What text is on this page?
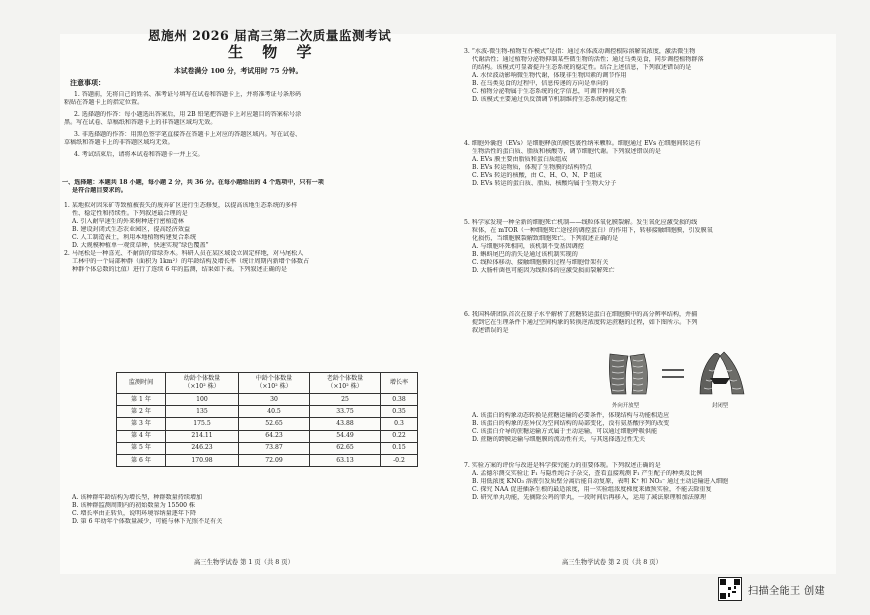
恩施州 2026 届高三第二次质量监测考试
生 物 学
本试卷满分 100 分，考试用时 75 分钟。
注意事项：

1. 答题前，先将自己的姓名、准考证号填写在试卷和答题卡上，并将准考证号条形码

粘贴在答题卡上的指定位置。

2. 选择题的作答：每小题选出答案后，用 2B 铅笔把答题卡上对应题目的答案标号涂

黑。写在试卷、草稿纸和答题卡上的非答题区域均无效。

3. 非选择题的作答：用黑色签字笔直接答在答题卡上对应的答题区域内。写在试卷、

草稿纸和答题卡上的非答题区域均无效。

4. 考试结束后，请将本试卷和答题卡一并上交。

一、选择题：本题共 18 小题，每小题 2 分，共 36 分。在每小题给出的 4 个选项中，只有一项

是符合题目要求的。

1. 某地拟对因采矿等致植被丧失的废弃矿区进行生态修复，以提高该地生态系统的多样

性、稳定性和持续性。下列叙述最合理的是

A. 引入耐旱速生的外来树种进行密植造林

B. 建设封闭式生态农业园区，提高经济效益

C. 人工制造表土，利用本地植物构建复合系统

D. 大规模种植单一观赏草种，快速实现“绿色覆盖”

2. 马尾松是一种喜光、不耐荫的常绿乔木。科研人员在某区域设立固定样地，对马尾松人

工林中的一个局部种群（面积为 1km²）的年龄结构及增长率（统计周期内新增个体数占

种群个体总数的比值）进行了连续 6 年的监测，结果如下表。下列叙述正确的是

监测时间	幼龄个体数量
（×10² 株）	中龄个体数量
（×10² 株）	老龄个体数量
（×10² 株）	增长率
第 1 年	100	30	25	0.38
第 2 年	135	40.5	33.75	0.35
第 3 年	175.5	52.65	43.88	0.3
第 4 年	214.11	64.23	54.49	0.22
第 5 年	246.23	73.87	62.65	0.15
第 6 年	170.98	72.09	63.13	-0.2

A. 该种群年龄结构为增长型，种群数量持续增加

B. 该种群监测周期内的初始数量为 15500 株

C. 增长率由正转负，说明环境容纳量逐年下降

D. 第 6 年幼年个体数量减少，可能与林下光照不足有关

高三生物学试卷 第 1 页（共 8 页）

3. “水波-微生物-植物互作模式”是指：通过水体波动调控根际溶解氧浓度，激活微生物

代谢活性；通过植物分泌物抑制某些微生物的活性；通过乌类觅食，同步调控植物群落

的结构。该模式可显著提升生态系统的稳定性。结合上述信息，下列叙述错误的是

A. 水位波动影响微生物代谢，体现非生物因素的调节作用

B. 在乌类觅食的过程中，信息传递的方向是单向的

C. 植物分泌物属于生态系统的化学信息，可调节种间关系

D. 该模式主要通过负反馈调节机制维持生态系统的稳定性

4. 细胞外囊泡（EVs）是细胞释放的膜包裹性纳米颗粒。细胞通过 EVs 在细胞间转运有

生物活性的蛋白质、脂质和核酸等，调节细胞代谢。下列叙述错误的是

A. EVs 膜主要由脂质和蛋白质组成

B. EVs 转运物质，体现了生物膜的结构特点

C. EVs 转运的核酸，由 C、H、O、N、P 组成

D. EVs 转运的蛋白质、脂质、核酸均属于生物大分子

5. 科学家发现一种全新的细胞死亡机制——线粒体氧化膜裂解。发生氧化应激受损的线

粒体，在 mTOR（一种细胞死亡途径的调控蛋白）的作用下，转移接触细胞膜，引发膜氧

化损伤，当细胞膜裂解致细胞死亡。下列叙述正确的是

A. 与细胞坏死相同，该机制不受基因调控

B. 蝌蚪尾巴的消失是通过该机制实现的

C. 线粒体移动、接触细胞膜的过程与细胞骨架有关

D. 大肠杆菌也可能因为线粒体的应激受损而裂解死亡

6. 我国科研团队首次在原子水平解析了蔗糖转运蛋白在细胞膜中的高分辨率结构，并捕

捉到它在生理条件下通过空间构象的转换逆浓度转运蔗糖的过程，如下图所示。下列

叙述错误的是

外向开放型	封闭型

A. 该蛋白的构象动态转换是蔗糖运输的必要条件，体现结构与功能相适应

B. 该蛋白的构象的差异仅为空间结构的局部变化，没有氨基酸序列的改变

C. 该蛋白介导的蔗糖运输方式属于主动运输，可以通过细胞呼吸供能

D. 蔗糖的跨膜运输与细胞膜的流动性有关，与其选择透过性无关

7. 实验方案的评价与改进是科学探究能力的重要体现。下列叙述正确的是

A. 孟德尔测交实验让 F₁ 与隐性纯合子杂交，查看直接观测 F₁ 产生配子的种类及比例

B. 用低浓度 KNO₃ 溶液引发质壁分离后能自动复原，表明 K⁺ 和 NO₃⁻ 通过主动运输进入细胞

C. 探究 NAA 促进插条生根的最适浓度，用一实验组浓度梯度来做预实验，不能去除重复

D. 研究单丸功能，先摘除公鸡的睾丸，一段时间后再移入，运用了减法原理和加法原理

高三生物学试卷 第 2 页（共 8 页）
扫描全能王 创建
